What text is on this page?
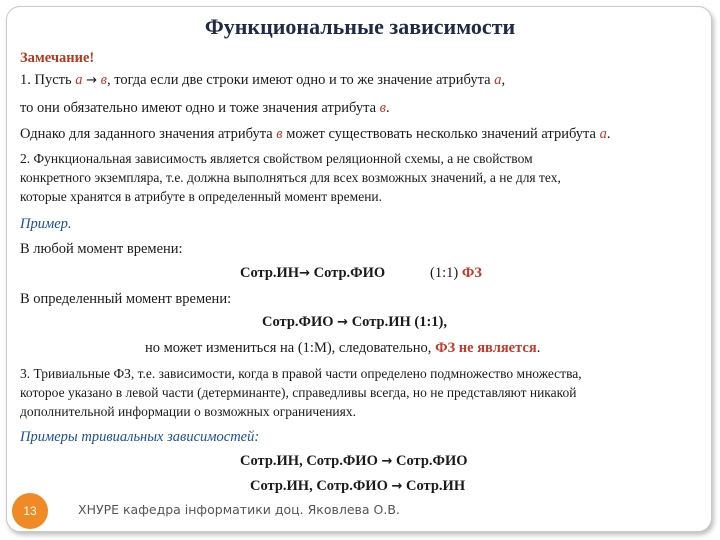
Функциональные зависимости
Замечание!
1. Пусть а → в, тогда если две строки имеют одно и то же значение атрибута а,
то они обязательно имеют одно и тоже значения атрибута в.
Однако для заданного значения атрибута в может существовать несколько значений атрибута а.
2. Функциональная зависимость является свойством реляционной схемы, а не свойством
конкретного экземпляра, т.е. должна выполняться для всех возможных значений, а не для тех,
которые хранятся в атрибуте в определенный момент времени.
Пример.
В любой момент времени:
Сотр.ИН→ Сотр.ФИО	(1:1) ФЗ
В определенный момент времени:
Сотр.ФИО → Сотр.ИН (1:1),
но может измениться на (1:М), следовательно, ФЗ не является.
3. Тривиальные ФЗ, т.е. зависимости, когда в правой части определено подмножество множества,
которое указано в левой части (детерминанте), справедливы всегда, но не представляют никакой
дополнительной информации о возможных ограничениях.
Примеры тривиальных зависимостей:
Сотр.ИН, Сотр.ФИО → Сотр.ФИО
Сотр.ИН, Сотр.ФИО → Сотр.ИН
13	ХНУРЕ кафедра інформатики доц. Яковлева О.В.
